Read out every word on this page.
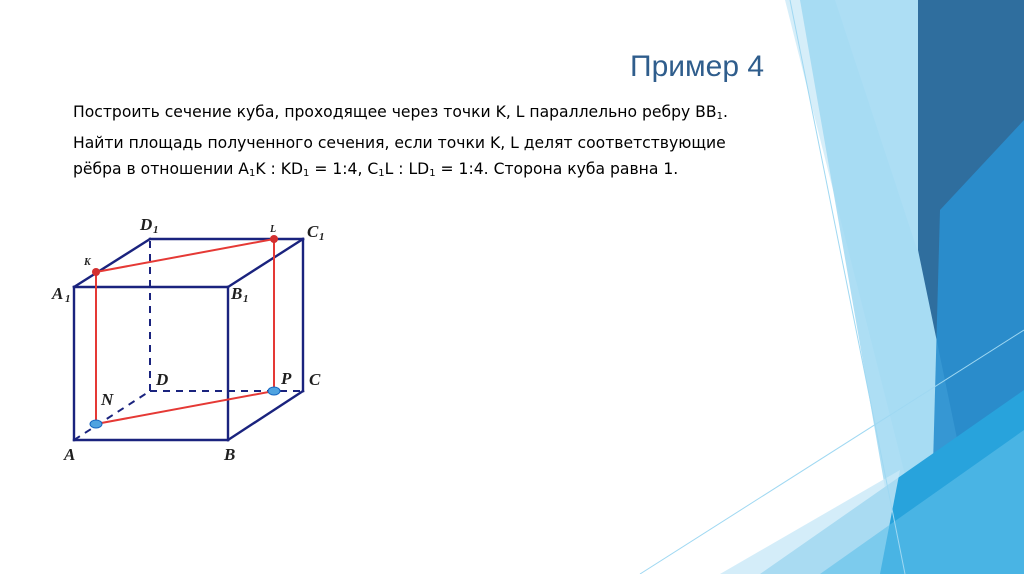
Пример 4
Построить сечение куба, проходящее через точки K, L параллельно ребру $BB_1$.
Найти площадь полученного сечения, если точки K, L делят соответствующие
рёбра в отношении $A_1K$ : $KD_1$ = 1:4, $C_1L$ : $LD_1$ = 1:4. Сторона куба равна 1.
A	B
C
D
A 1	B 1
C 1
D 1
K
L
N
P
